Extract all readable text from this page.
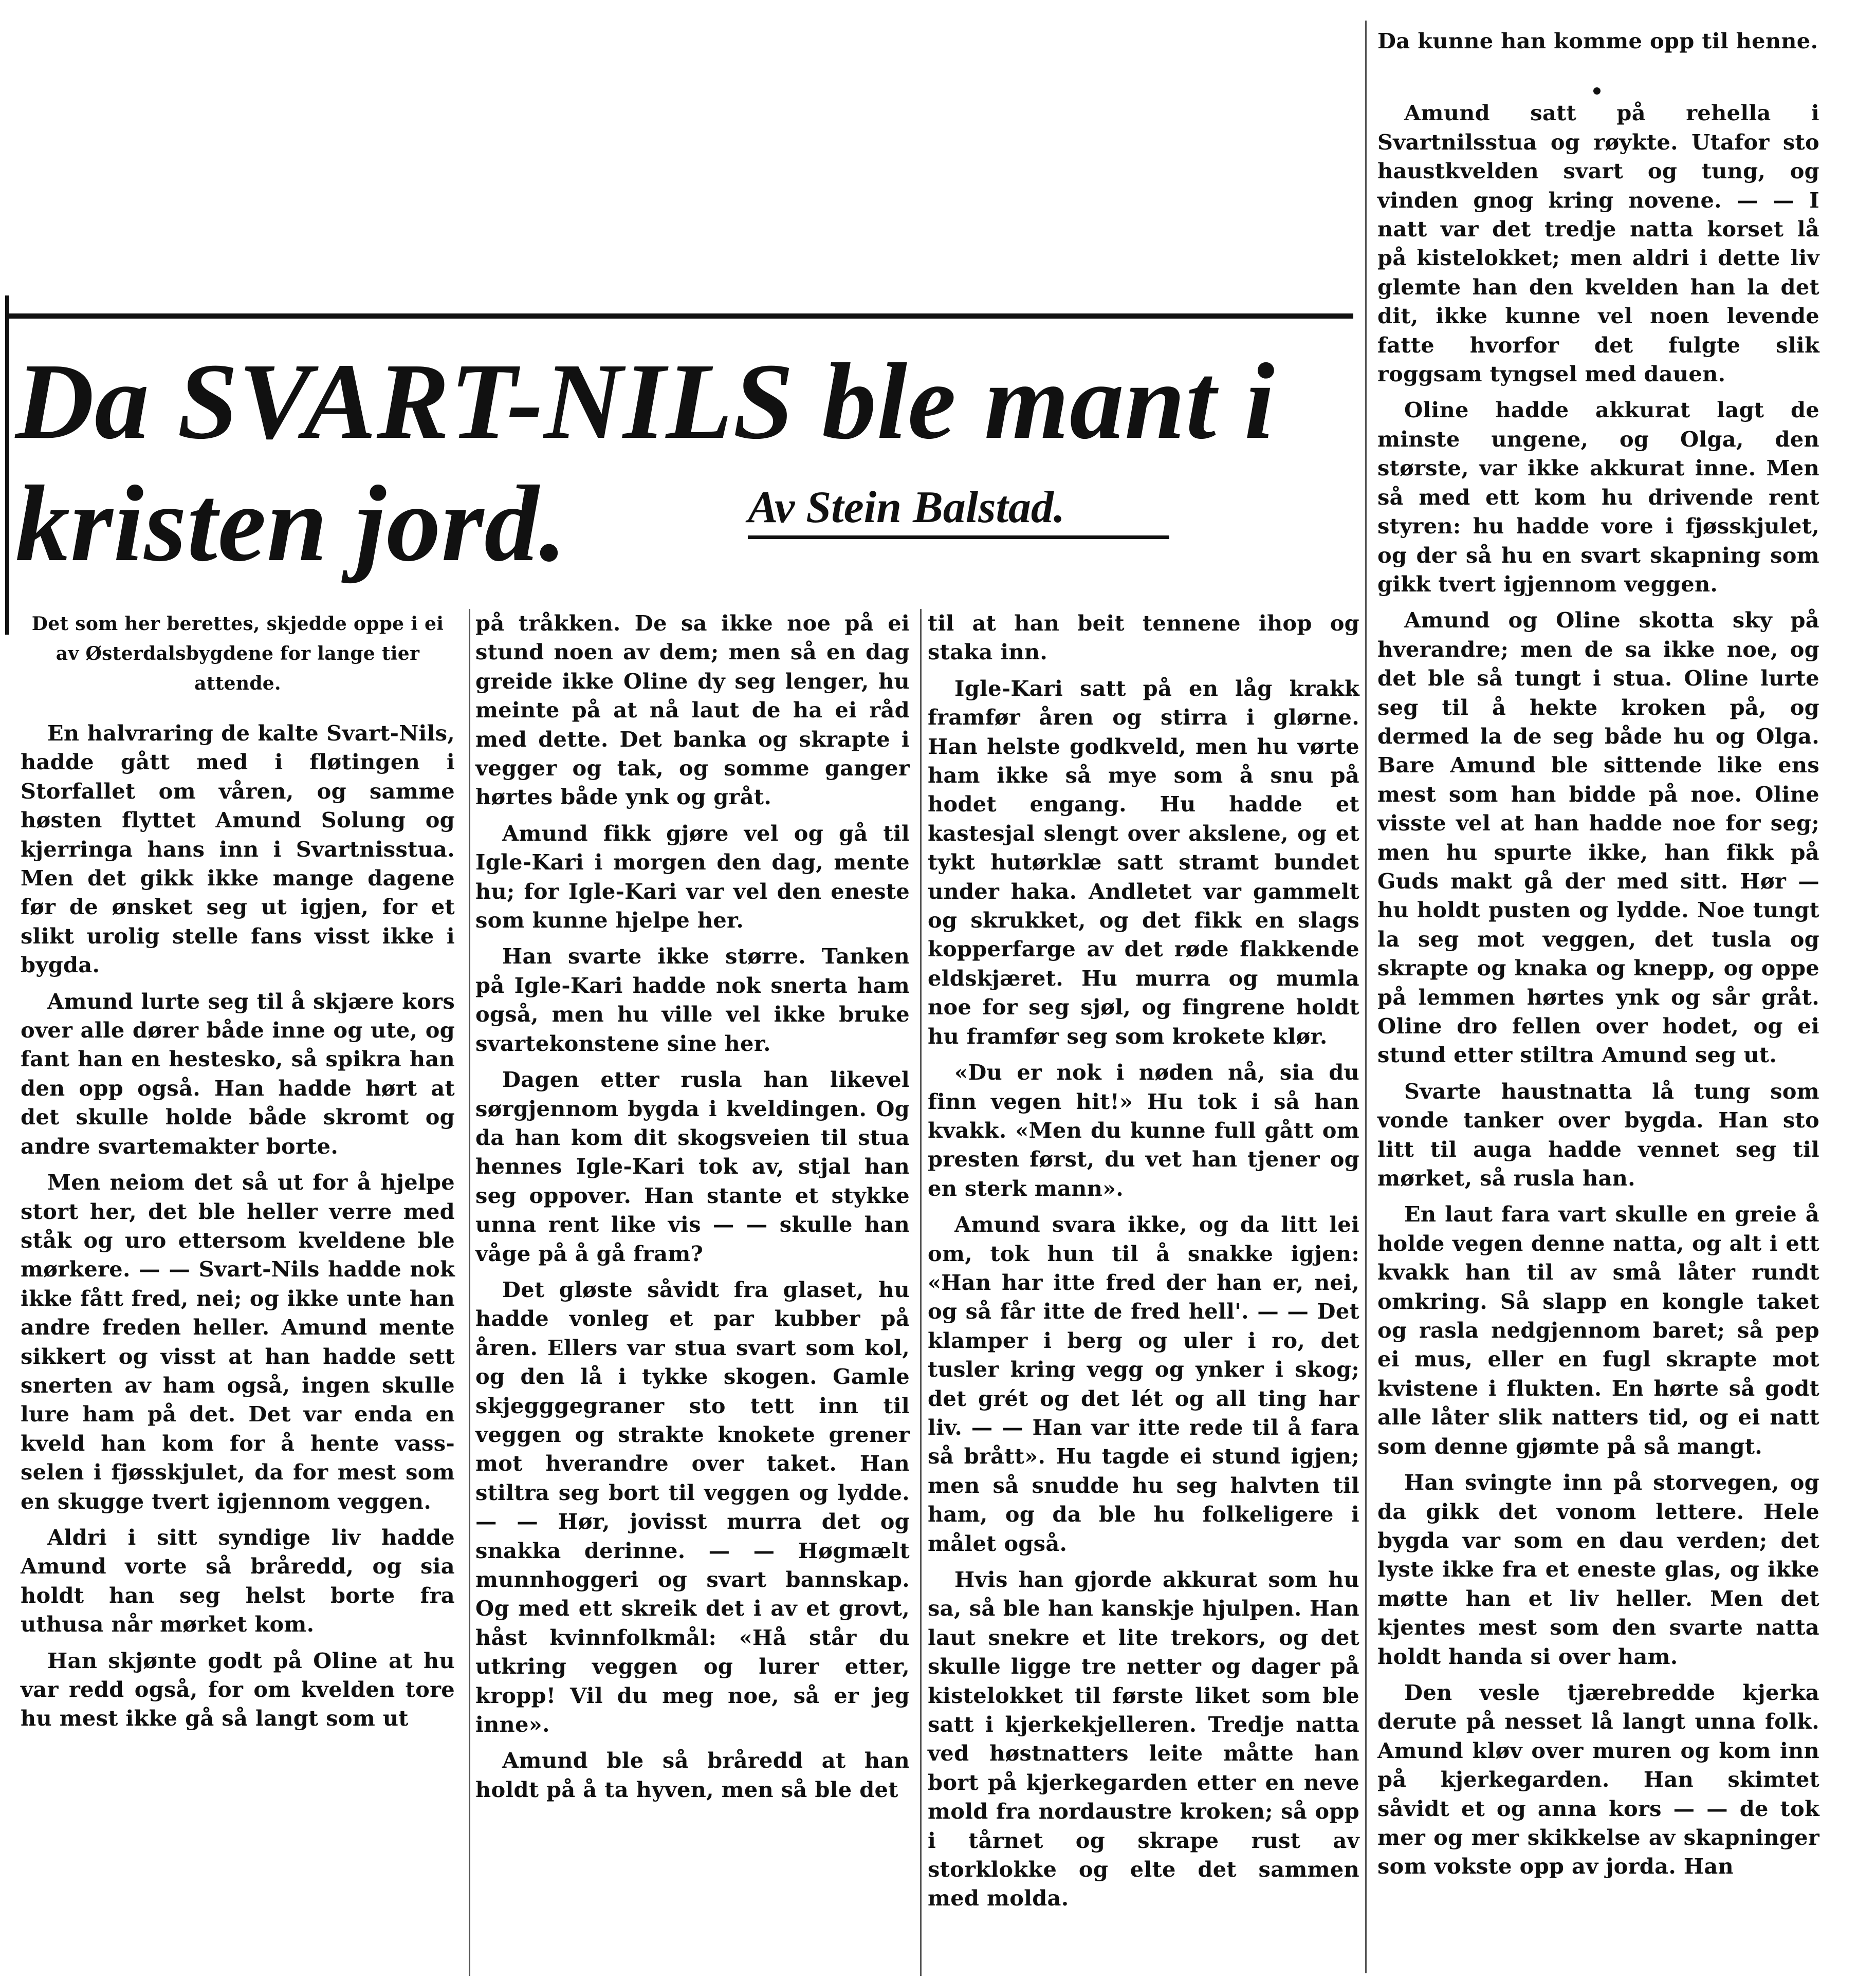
Da kunne han komme opp til henne.

Amund satt på rehella i Svartnilsstua og røykte. Utafor sto haustkvelden svart og tung, og vinden gnog kring novene. — — I natt var det tredje natta korset lå på kistelokket; men aldri i dette liv glemte han den kvelden han la det dit, ikke kunne vel noen levende fatte hvorfor det fulgte slik roggsam tyngsel med dauen.

Oline hadde akkurat lagt de minste ungene, og Olga, den største, var ikke akkurat inne. Men så med ett kom hu drivende rent styren: hu hadde vore i fjøsskjulet, og der så hu en svart skapning som gikk tvert igjennom veggen.

Amund og Oline skotta sky på hverandre; men de sa ikke noe, og det ble så tungt i stua. Oline lurte seg til å hekte kroken på, og dermed la de seg både hu og Olga. Bare Amund ble sittende like ens mest som han bidde på noe. Oline visste vel at han hadde noe for seg; men hu spurte ikke, han fikk på Guds makt gå der med sitt. Hør — hu holdt pusten og lydde. Noe tungt la seg mot veggen, det tusla og skrapte og knaka og knepp, og oppe på lemmen hørtes ynk og sår gråt. Oline dro fellen over hodet, og ei stund etter stiltra Amund seg ut.

Svarte haustnatta lå tung som vonde tanker over bygda. Han sto litt til auga hadde vennet seg til mørket, så rusla han.

En laut fara vart skulle en greie å holde vegen denne natta, og alt i ett kvakk han til av små låter rundt omkring. Så slapp en kongle taket og rasla nedgjennom baret; så pep ei mus, eller en fugl skrapte mot kvistene i flukten. En hørte så godt alle låter slik natters tid, og ei natt som denne gjømte på så mangt.

Han svingte inn på storvegen, og da gikk det vonom lettere. Hele bygda var som en dau verden; det lyste ikke fra et eneste glas, og ikke møtte han et liv heller. Men det kjentes mest som den svarte natta holdt handa si over ham.

Den vesle tjærebredde kjerka derute på nesset lå langt unna folk. Amund kløv over muren og kom inn på kjerkegarden. Han skimtet såvidt et og anna kors — — de tok mer og mer skikkelse av skapninger som vokste opp av jorda. Han

Da SVART-NILS ble mant i
kristen jord.	Av Stein Balstad.

Det som her berettes, skjedde oppe i ei av Østerdalsbygdene for lange tier attende.

En halvraring de kalte Svart-Nils, hadde gått med i fløtingen i Storfallet om våren, og samme høsten flyttet Amund Solung og kjerringa hans inn i Svartnisstua. Men det gikk ikke mange dagene før de ønsket seg ut igjen, for et slikt urolig stelle fans visst ikke i bygda.

Amund lurte seg til å skjære kors over alle dører både inne og ute, og fant han en hestesko, så spikra han den opp også. Han hadde hørt at det skulle holde både skromt og andre svartemakter borte.

Men neiom det så ut for å hjelpe stort her, det ble heller verre med ståk og uro ettersom kveldene ble mørkere. — — Svart-Nils hadde nok ikke fått fred, nei; og ikke unte han andre freden heller. Amund mente sikkert og visst at han hadde sett snerten av ham også, ingen skulle lure ham på det. Det var enda en kveld han kom for å hente vass-selen i fjøsskjulet, da for mest som en skugge tvert igjennom veggen.

Aldri i sitt syndige liv hadde Amund vorte så bråredd, og sia holdt han seg helst borte fra uthusa når mørket kom.

Han skjønte godt på Oline at hu var redd også, for om kvelden tore hu mest ikke gå så langt som ut

på tråkken. De sa ikke noe på ei stund noen av dem; men så en dag greide ikke Oline dy seg lenger, hu meinte på at nå laut de ha ei råd med dette. Det banka og skrapte i vegger og tak, og somme ganger hørtes både ynk og gråt.

Amund fikk gjøre vel og gå til Igle-Kari i morgen den dag, mente hu; for Igle-Kari var vel den eneste som kunne hjelpe her.

Han svarte ikke større. Tanken på Igle-Kari hadde nok snerta ham også, men hu ville vel ikke bruke svartekonstene sine her.

Dagen etter rusla han likevel sørgjennom bygda i kveldingen. Og da han kom dit skogsveien til stua hennes Igle-Kari tok av, stjal han seg oppover. Han stante et stykke unna rent like vis — — skulle han våge på å gå fram?

Det gløste såvidt fra glaset, hu hadde vonleg et par kubber på åren. Ellers var stua svart som kol, og den lå i tykke skogen. Gamle skjegggegraner sto tett inn til veggen og strakte knokete grener mot hverandre over taket. Han stiltra seg bort til veggen og lydde. — — Hør, jovisst murra det og snakka derinne. — — Høgmælt munnhoggeri og svart bannskap. Og med ett skreik det i av et grovt, håst kvinnfolkmål: «Hå står du utkring veggen og lurer etter, kropp! Vil du meg noe, så er jeg inne».

Amund ble så bråredd at han holdt på å ta hyven, men så ble det

til at han beit tennene ihop og staka inn.

Igle-Kari satt på en låg krakk framfør åren og stirra i glørne. Han helste godkveld, men hu vørte ham ikke så mye som å snu på hodet engang. Hu hadde et kastesjal slengt over akslene, og et tykt hutørklæ satt stramt bundet under haka. Andletet var gammelt og skrukket, og det fikk en slags kopperfarge av det røde flakkende eldskjæret. Hu murra og mumla noe for seg sjøl, og fingrene holdt hu framfør seg som krokete klør.

«Du er nok i nøden nå, sia du finn vegen hit!» Hu tok i så han kvakk. «Men du kunne full gått om presten først, du vet han tjener og en sterk mann».

Amund svara ikke, og da litt lei om, tok hun til å snakke igjen: «Han har itte fred der han er, nei, og så får itte de fred hell'. — — Det klamper i berg og uler i ro, det tusler kring vegg og ynker i skog; det grét og det lét og all ting har liv. — — Han var itte rede til å fara så brått». Hu tagde ei stund igjen; men så snudde hu seg halvten til ham, og da ble hu folkeligere i målet også.

Hvis han gjorde akkurat som hu sa, så ble han kanskje hjulpen. Han laut snekre et lite trekors, og det skulle ligge tre netter og dager på kistelokket til første liket som ble satt i kjerkekjelleren. Tredje natta ved høstnatters leite måtte han bort på kjerkegarden etter en neve mold fra nordaustre kroken; så opp i tårnet og skrape rust av storklokke og elte det sammen med molda.
